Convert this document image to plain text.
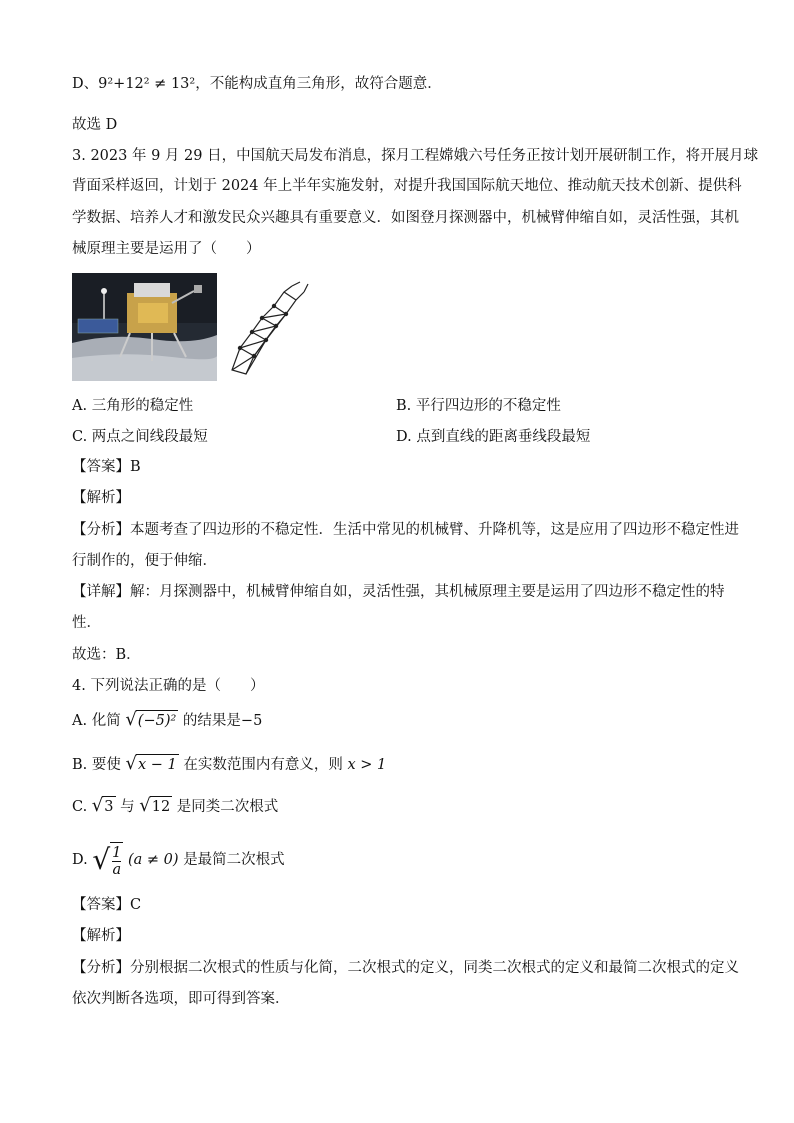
D、9²+12² ≠ 13²，不能构成直角三角形，故符合题意．
故选 D
3. 2023 年 9 月 29 日，中国航天局发布消息，探月工程嫦娥六号任务正按计划开展研制工作，将开展月球
背面采样返回，计划于 2024 年上半年实施发射，对提升我国国际航天地位、推动航天技术创新、提供科
学数据、培养人才和激发民众兴趣具有重要意义．如图登月探测器中，机械臂伸缩自如，灵活性强，其机
械原理主要是运用了（　　）
A. 三角形的稳定性	B. 平行四边形的不稳定性
C. 两点之间线段最短	D. 点到直线的距离垂线段最短
【答案】B
【解析】
【分析】本题考查了四边形的不稳定性．生活中常见的机械臂、升降机等，这是应用了四边形不稳定性进
行制作的，便于伸缩．
【详解】解：月探测器中，机械臂伸缩自如，灵活性强，其机械原理主要是运用了四边形不稳定性的特
性．
故选：B．
4. 下列说法正确的是（　　）
A. 化简 √(−5)² 的结果是−5
B. 要使 √x − 1 在实数范围内有意义，则 x > 1
C. √3 与 √12 是同类二次根式
D. √ $\frac{1}{a} (a \ne 0)$ 是最简二次根式
【答案】C
【解析】
【分析】分别根据二次根式的性质与化简，二次根式的定义，同类二次根式的定义和最简二次根式的定义
依次判断各选项，即可得到答案．
